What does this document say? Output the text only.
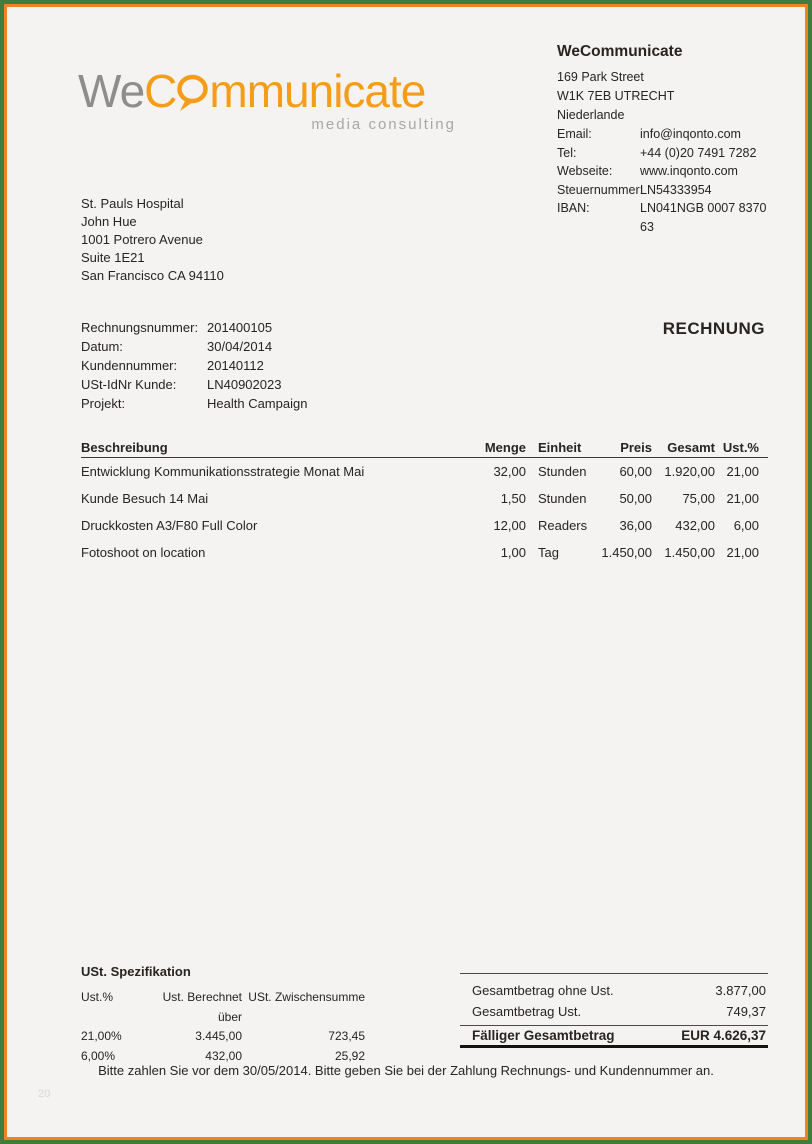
WeC mmunicate
media consulting
WeCommunicate
169 Park Street
W1K 7EB UTRECHT
Niederlande
Email:	info@inqonto.com
Tel:	+44 (0)20 7491 7282
Webseite:	www.inqonto.com
Steuernummer:
LN54333954
IBAN:	LN041NGB 0007 8370 63
St. Pauls Hospital
John Hue
1001 Potrero Avenue
Suite 1E21
San Francisco CA 94110
Rechnungsnummer: 201400105
Datum:	30/04/2014
Kundennummer:	20140112
USt-IdNr Kunde:	LN40902023
Projekt:	Health Campaign
RECHNUNG
Beschreibung	Menge Einheit	Preis	Gesamt Ust.%
Entwicklung Kommunikationsstrategie Monat Mai	32,00 Stunden	60,00 1.920,00 21,00
Kunde Besuch 14 Mai	1,50 Stunden	50,00	75,00 21,00
Druckkosten A3/F80 Full Color	12,00 Readers	36,00	432,00	6,00
Fotoshoot on location	1,00 Tag	1.450,00 1.450,00 21,00
USt. Spezifikation
Ust.%	Ust. Berechnet über
USt. Zwischensumme
21,00%	3.445,00	723,45
6,00%	432,00	25,92
Gesamtbetrag ohne Ust.	3.877,00
Gesamtbetrag Ust.	749,37
Fälliger Gesamtbetrag	EUR 4.626,37
Bitte zahlen Sie vor dem 30/05/2014. Bitte geben Sie bei der Zahlung Rechnungs- und Kundennummer an.
20
